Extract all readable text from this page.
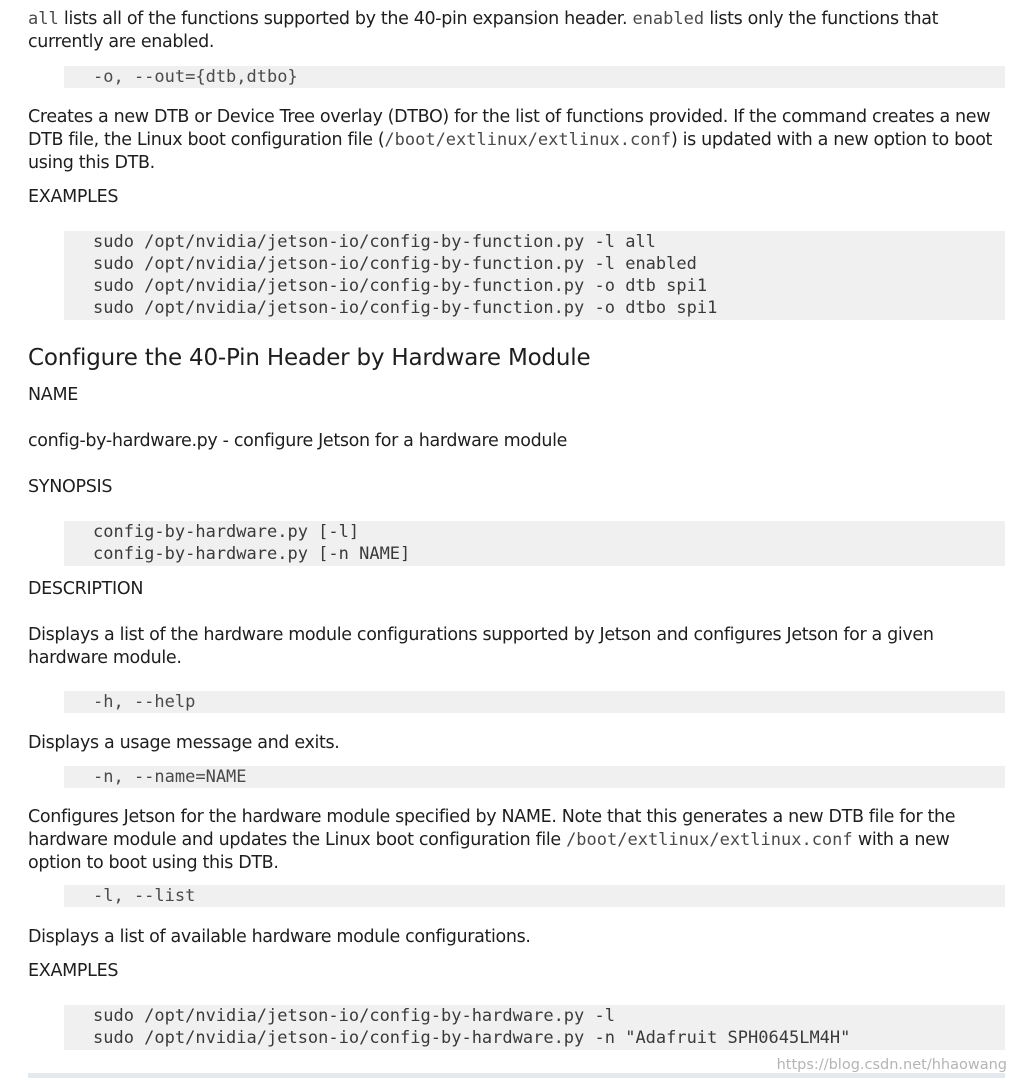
all lists all of the functions supported by the 40-pin expansion header. enabled lists only the functions that currently are enabled.
-o, --out={dtb,dtbo}
Creates a new DTB or Device Tree overlay (DTBO) for the list of functions provided. If the command creates a new DTB file, the Linux boot configuration file (/boot/extlinux/extlinux.conf) is updated with a new option to boot using this DTB.
EXAMPLES
sudo /opt/nvidia/jetson-io/config-by-function.py -l all
sudo /opt/nvidia/jetson-io/config-by-function.py -l enabled
sudo /opt/nvidia/jetson-io/config-by-function.py -o dtb spi1
sudo /opt/nvidia/jetson-io/config-by-function.py -o dtbo spi1
Configure the 40-Pin Header by Hardware Module
NAME
config-by-hardware.py - configure Jetson for a hardware module
SYNOPSIS
config-by-hardware.py [-l]
config-by-hardware.py [-n NAME]
DESCRIPTION
Displays a list of the hardware module configurations supported by Jetson and configures Jetson for a given hardware module.
-h, --help
Displays a usage message and exits.
-n, --name=NAME
Configures Jetson for the hardware module specified by NAME. Note that this generates a new DTB file for the hardware module and updates the Linux boot configuration file /boot/extlinux/extlinux.conf with a new option to boot using this DTB.
-l, --list
Displays a list of available hardware module configurations.
EXAMPLES
sudo /opt/nvidia/jetson-io/config-by-hardware.py -l
sudo /opt/nvidia/jetson-io/config-by-hardware.py -n "Adafruit SPH0645LM4H"
https://blog.csdn.net/hhaowang
